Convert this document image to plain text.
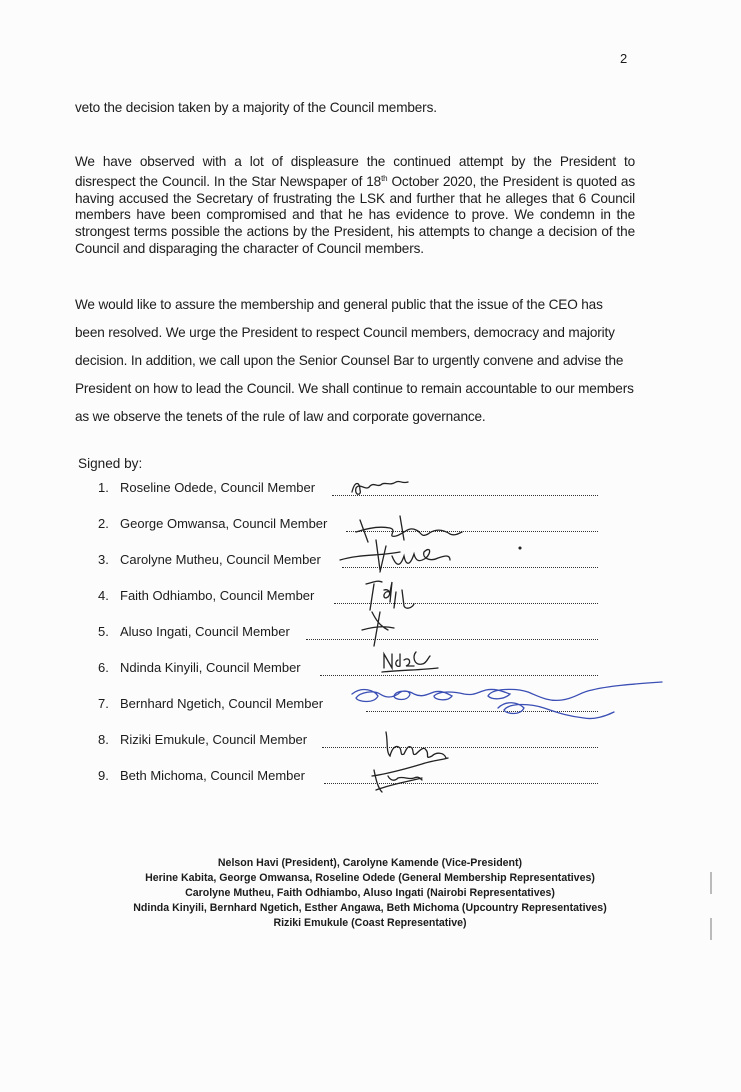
2

veto the decision taken by a majority of the Council members.

We have observed with a lot of displeasure the continued attempt by the President to disrespect the Council. In the Star Newspaper of 18th October 2020, the President is quoted as having accused the Secretary of frustrating the LSK and further that he alleges that 6 Council members have been compromised and that he has evidence to prove. We condemn in the strongest terms possible the actions by the President, his attempts to change a decision of the Council and disparaging the character of Council members.

We would like to assure the membership and general public that the issue of the CEO has been resolved. We urge the President to respect Council members, democracy and majority decision. In addition, we call upon the Senior Counsel Bar to urgently convene and advise the President on how to lead the Council. We shall continue to remain accountable to our members as we observe the tenets of the rule of law and corporate governance.

Signed by:
1. Roseline Odede, Council Member
2. George Omwansa, Council Member
3. Carolyne Mutheu, Council Member
4. Faith Odhiambo, Council Member
5. Aluso Ingati, Council Member
6. Ndinda Kinyili, Council Member
7. Bernhard Ngetich, Council Member
8. Riziki Emukule, Council Member
9. Beth Michoma, Council Member
Nelson Havi (President), Carolyne Kamende (Vice-President)
Herine Kabita, George Omwansa, Roseline Odede (General Membership Representatives)
Carolyne Mutheu, Faith Odhiambo, Aluso Ingati (Nairobi Representatives)
Ndinda Kinyili, Bernhard Ngetich, Esther Angawa, Beth Michoma (Upcountry Representatives)
Riziki Emukule (Coast Representative)
